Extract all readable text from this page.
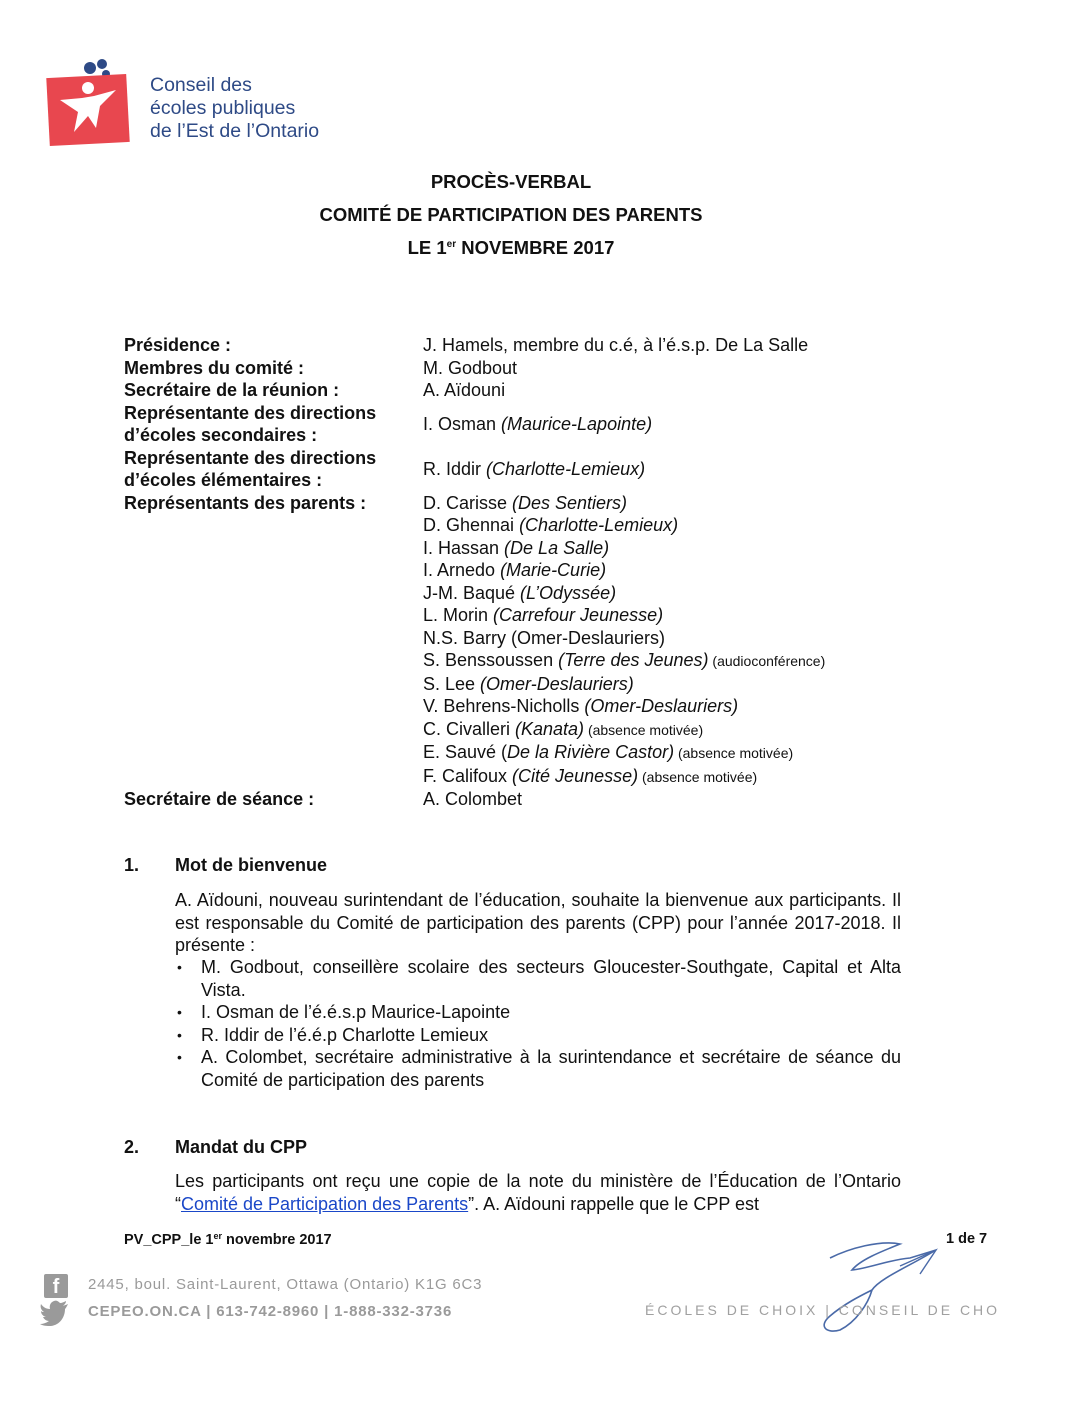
Conseil des
écoles publiques
de l’Est de l’Ontario
PROCÈS-VERBAL
COMITÉ DE PARTICIPATION DES PARENTS
LE 1er NOVEMBRE 2017
Présidence :	J. Hamels, membre du c.é, à l’é.s.p. De La Salle
Membres du comité :	M. Godbout
Secrétaire de la réunion :	A. Aïdouni
Représentante des directions
d’écoles secondaires :
I. Osman (Maurice-Lapointe)
Représentante des directions
d’écoles élémentaires :
R. Iddir (Charlotte-Lemieux)
Représentants des parents :	D. Carisse (Des Sentiers)
D. Ghennai (Charlotte-Lemieux)
I. Hassan (De La Salle)
I. Arnedo (Marie-Curie)
J-M. Baqué (L’Odyssée)
L. Morin (Carrefour Jeunesse)
N.S. Barry (Omer-Deslauriers)
S. Benssoussen (Terre des Jeunes) (audioconférence)
S. Lee (Omer-Deslauriers)
V. Behrens-Nicholls (Omer-Deslauriers)
C. Civalleri (Kanata) (absence motivée)
E. Sauvé (De la Rivière Castor) (absence motivée)
F. Califoux (Cité Jeunesse) (absence motivée)
Secrétaire de séance :	A. Colombet
1. Mot de bienvenue
A. Aïdouni, nouveau surintendant de l’éducation, souhaite la bienvenue aux participants. Il est responsable du Comité de participation des parents (CPP) pour l’année 2017-2018. Il présente :
•	M. Godbout, conseillère scolaire des secteurs Gloucester-Southgate, Capital et Alta Vista.
•	I. Osman de l’é.é.s.p Maurice-Lapointe
•	R. Iddir de l’é.é.p Charlotte Lemieux
•	A. Colombet, secrétaire administrative à la surintendance et secrétaire de séance du Comité de participation des parents
2. Mandat du CPP
Les participants ont reçu une copie de la note du ministère de l’Éducation de l’Ontario “Comité de Participation des Parents”. A. Aïdouni rappelle que le CPP est
PV_CPP_le 1er novembre 2017	1 de 7
f	2445, boul. Saint-Laurent, Ottawa (Ontario) K1G 6C3
CEPEO.ON.CA | 613-742-8960 | 1-888-332-3736	ÉCOLES DE CHOIX | CONSEIL DE CHO
